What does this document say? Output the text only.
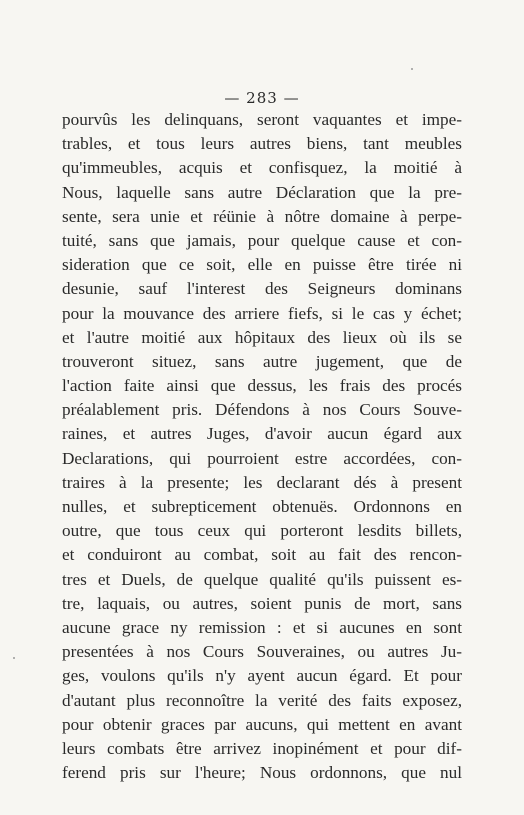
— 283 —
pourvûs les delinquans, seront vaquantes et impe-
trables, et tous leurs autres biens, tant meubles
qu'immeubles, acquis et confisquez, la moitié à
Nous, laquelle sans autre Déclaration que la pre-
sente, sera unie et réünie à nôtre domaine à perpe-
tuité, sans que jamais, pour quelque cause et con-
sideration que ce soit, elle en puisse être tirée ni
desunie, sauf l'interest des Seigneurs dominans
pour la mouvance des arriere fiefs, si le cas y échet;
et l'autre moitié aux hôpitaux des lieux où ils se
trouveront situez, sans autre jugement, que de
l'action faite ainsi que dessus, les frais des procés
préalablement pris. Défendons à nos Cours Souve-
raines, et autres Juges, d'avoir aucun égard aux
Declarations, qui pourroient estre accordées, con-
traires à la presente; les declarant dés à present
nulles, et subrepticement obtenuës. Ordonnons en
outre, que tous ceux qui porteront lesdits billets,
et conduiront au combat, soit au fait des rencon-
tres et Duels, de quelque qualité qu'ils puissent es-
tre, laquais, ou autres, soient punis de mort, sans
aucune grace ny remission : et si aucunes en sont
presentées à nos Cours Souveraines, ou autres Ju-
ges, voulons qu'ils n'y ayent aucun égard. Et pour
d'autant plus reconnoître la verité des faits exposez,
pour obtenir graces par aucuns, qui mettent en avant
leurs combats être arrivez inopinément et pour dif-
ferend pris sur l'heure; Nous ordonnons, que nul
